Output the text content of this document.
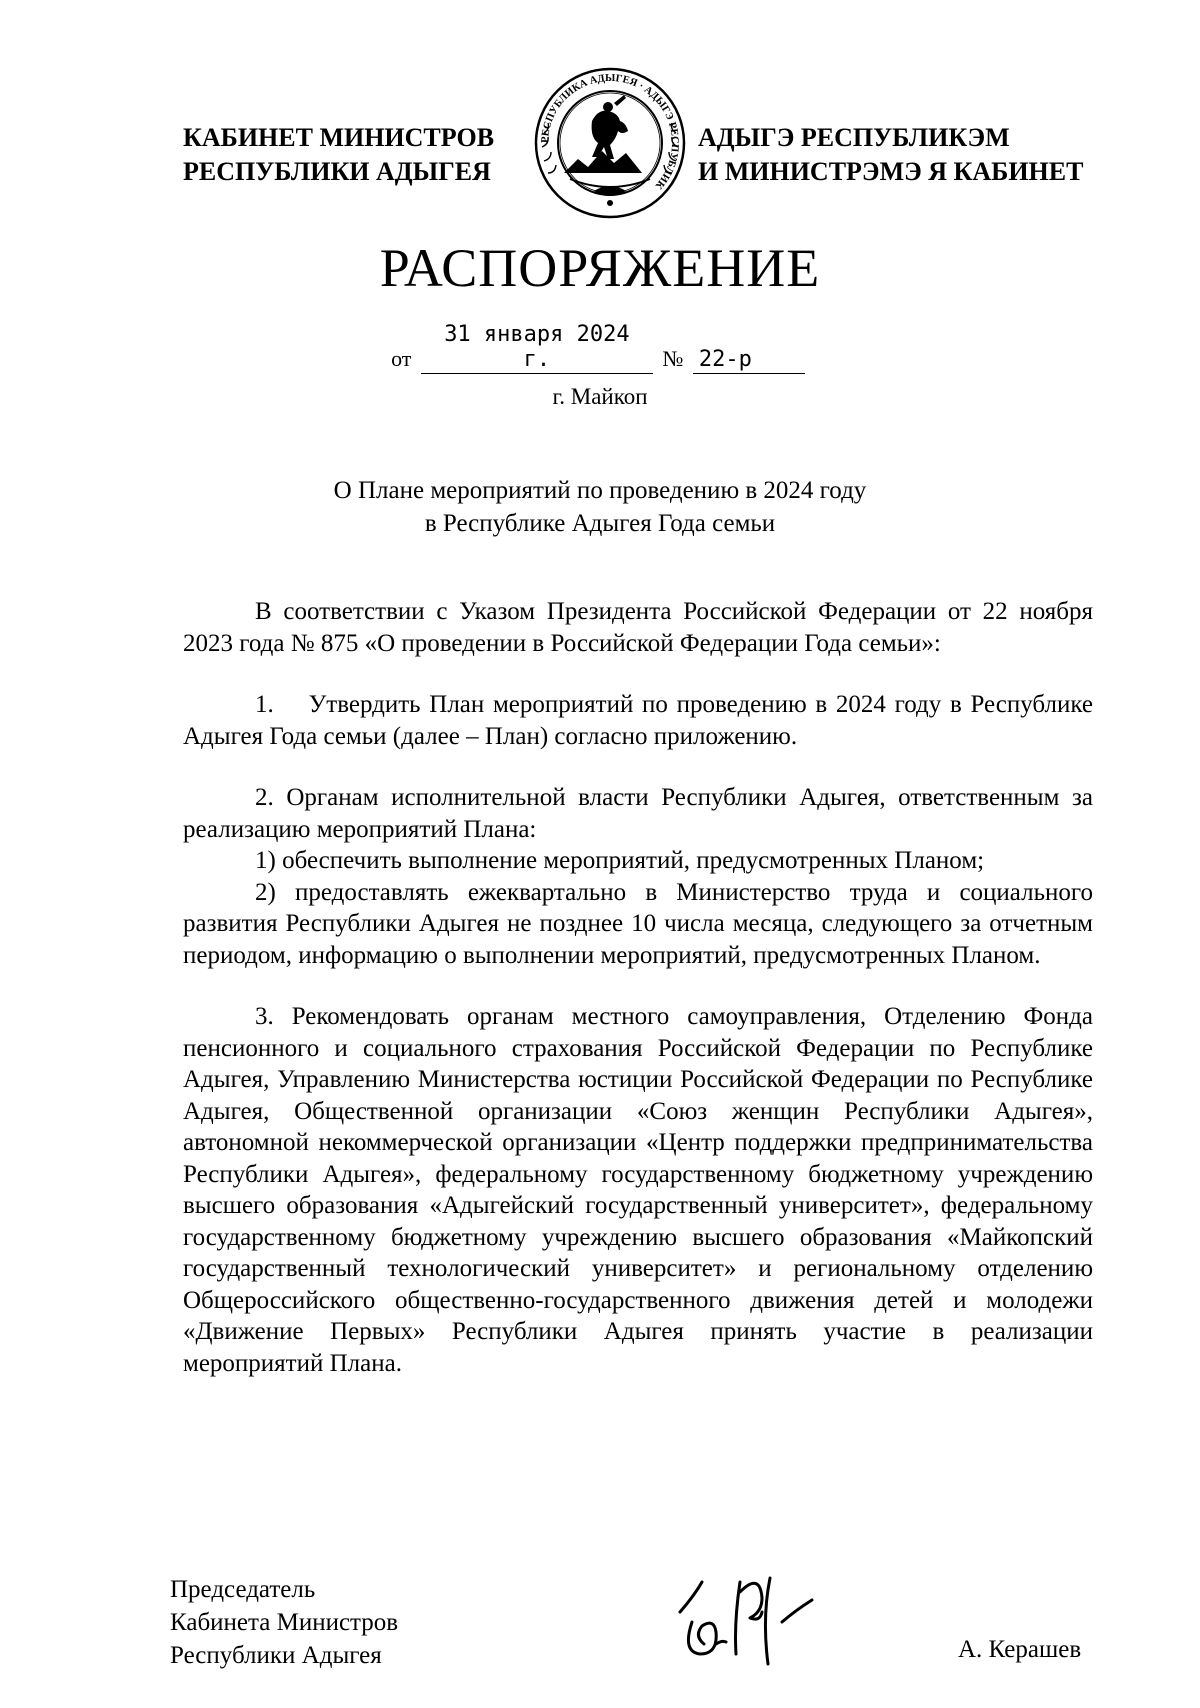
КАБИНЕТ МИНИСТРОВ
РЕСПУБЛИКИ АДЫГЕЯ
РЕСПУБЛИКА АДЫГЕЯ · АДЫГЭ РЕСПУБЛИК
АДЫГЭ РЕСПУБЛИКЭМ
И МИНИСТРЭМЭ Я КАБИНЕТ
РАСПОРЯЖЕНИЕ
от 31 января 2024 г.	№ 22-р
г. Майкоп
О Плане мероприятий по проведению в 2024 году
в Республике Адыгея Года семьи

В соответствии с Указом Президента Российской Федерации от 22 ноября 2023 года № 875 «О проведении в Российской Федерации Года семьи»:

1.    Утвердить План мероприятий по проведению в 2024 году в Республике Адыгея Года семьи (далее – План) согласно приложению.

2. Органам исполнительной власти Республики Адыгея, ответственным за реализацию мероприятий Плана:

1) обеспечить выполнение мероприятий, предусмотренных Планом;

2) предоставлять ежеквартально в Министерство труда и социального развития Республики Адыгея не позднее 10 числа месяца, следующего за отчетным периодом, информацию о выполнении мероприятий, предусмотренных Планом.

3. Рекомендовать органам местного самоуправления, Отделению Фонда пенсионного и социального страхования Российской Федерации по Республике Адыгея, Управлению Министерства юстиции Российской Федерации по Республике Адыгея, Общественной организации «Союз женщин Республики Адыгея», автономной некоммерческой организации «Центр поддержки предпринимательства Республики Адыгея», федеральному государственному бюджетному учреждению высшего образования «Адыгейский государственный университет», федеральному государственному бюджетному учреждению высшего образования «Майкопский государственный технологический университет» и региональному отделению Общероссийского общественно-государственного движения детей и молодежи «Движение Первых» Республики Адыгея принять участие в реализации мероприятий Плана.

Председатель
Кабинета Министров
Республики Адыгея	А. Керашев
